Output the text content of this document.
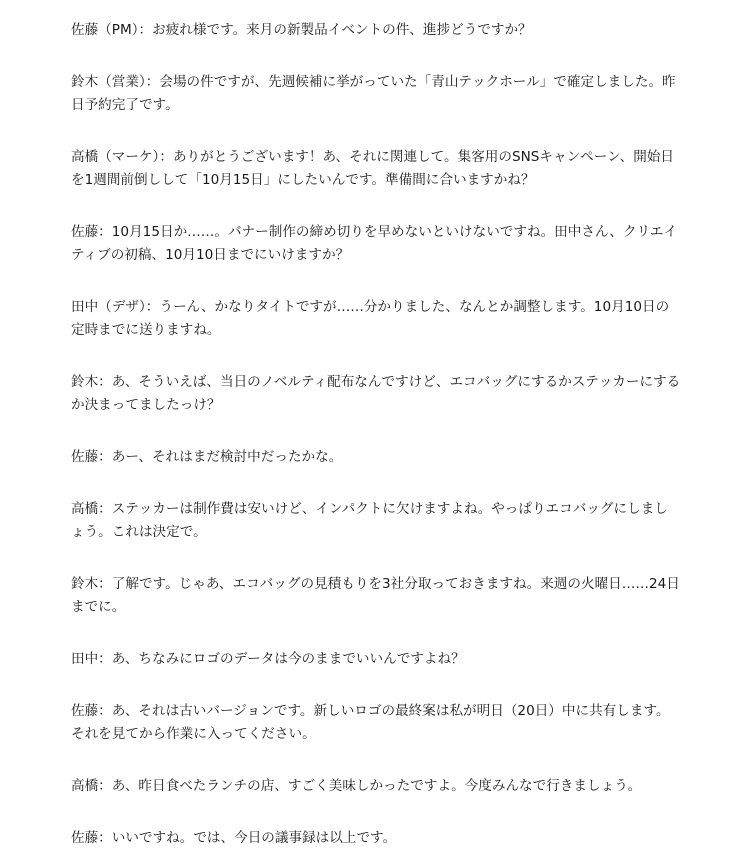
佐藤（PM）：お疲れ様です。来月の新製品イベントの件、進捗どうですか？

鈴木（営業）：会場の件ですが、先週候補に挙がっていた「青山テックホール」で確定しました。昨日予約完了です。

高橋（マーケ）：ありがとうございます！あ、それに関連して。集客用のSNSキャンペーン、開始日を1週間前倒しして「10月15日」にしたいんです。準備間に合いますかね？

佐藤：10月15日か……。バナー制作の締め切りを早めないといけないですね。田中さん、クリエイティブの初稿、10月10日までにいけますか？

田中（デザ）：うーん、かなりタイトですが……分かりました、なんとか調整します。10月10日の定時までに送りますね。

鈴木：あ、そういえば、当日のノベルティ配布なんですけど、エコバッグにするかステッカーにするか決まってましたっけ？

佐藤：あー、それはまだ検討中だったかな。

高橋：ステッカーは制作費は安いけど、インパクトに欠けますよね。やっぱりエコバッグにしましょう。これは決定で。

鈴木：了解です。じゃあ、エコバッグの見積もりを3社分取っておきますね。来週の火曜日……24日までに。

田中：あ、ちなみにロゴのデータは今のままでいいんですよね？

佐藤：あ、それは古いバージョンです。新しいロゴの最終案は私が明日（20日）中に共有します。それを見てから作業に入ってください。

高橋：あ、昨日食べたランチの店、すごく美味しかったですよ。今度みんなで行きましょう。

佐藤：いいですね。では、今日の議事録は以上です。
